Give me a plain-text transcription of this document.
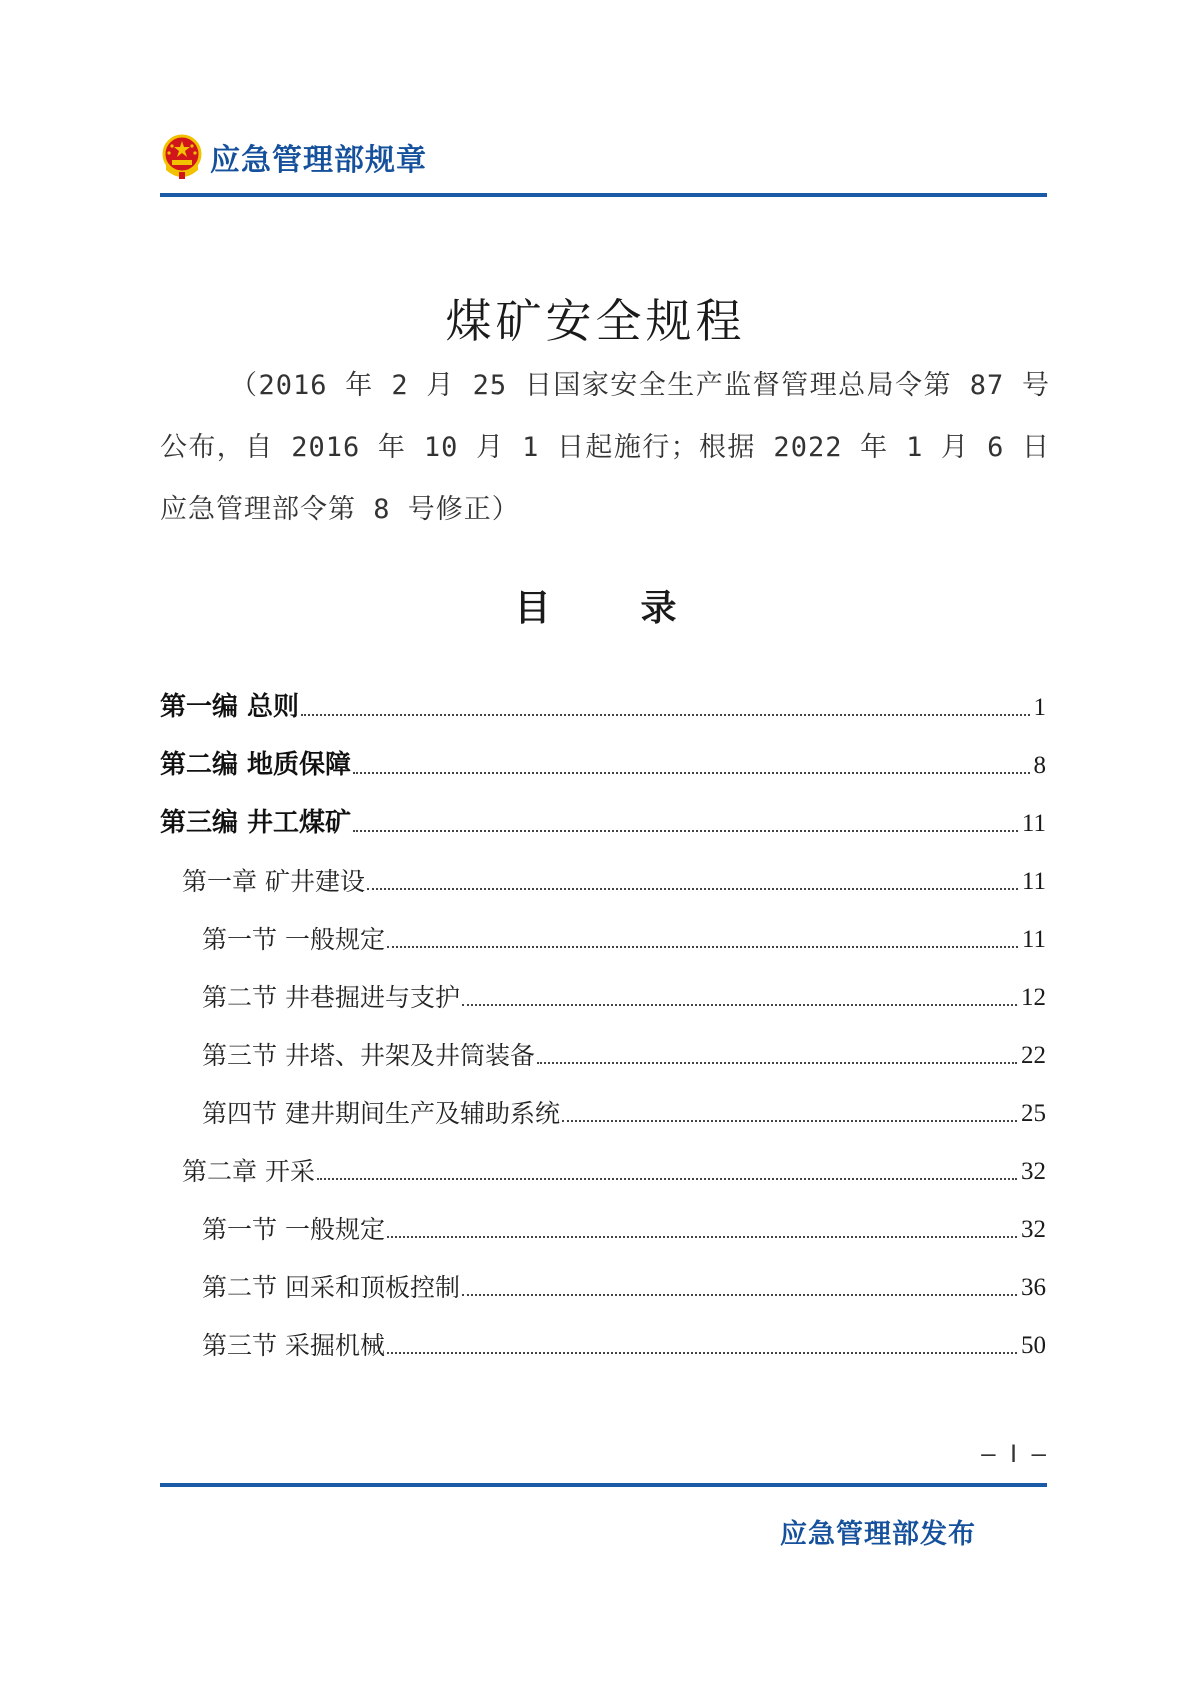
应急管理部规章
煤矿安全规程
（2016 年 2 月 25 日国家安全生产监督管理总局令第 87 号公布，自 2016 年 10 月 1 日起施行；根据 2022 年 1 月 6 日应急管理部令第 8 号修正）
目录
第一编 总则	1
第二编 地质保障	8
第三编 井工煤矿	11
第一章 矿井建设	11
第一节 一般规定	11
第二节 井巷掘进与支护	12
第三节 井塔、井架及井筒装备	22
第四节 建井期间生产及辅助系统	25
第二章 开采	32
第一节 一般规定	32
第二节 回采和顶板控制	36
第三节 采掘机械	50
– Ⅰ –
应急管理部发布
